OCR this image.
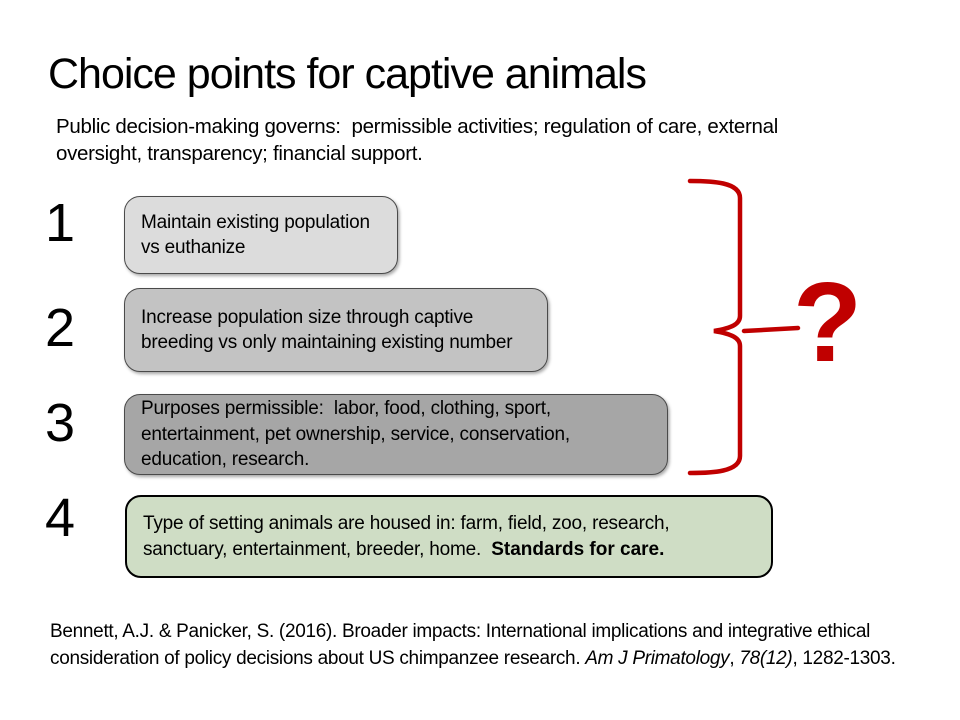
Choice points for captive animals
Public decision-making governs:  permissible activities; regulation of care, external
oversight, transparency; financial support.
1
2
3
4
Maintain existing population
vs euthanize
Increase population size through captive
breeding vs only maintaining existing number
Purposes permissible:  labor, food, clothing, sport,
entertainment, pet ownership, service, conservation,
education, research.
Type of setting animals are housed in: farm, field, zoo, research,
sanctuary, entertainment, breeder, home.  Standards for care.
?
Bennett, A.J. & Panicker, S. (2016). Broader impacts: International implications and integrative ethical
consideration of policy decisions about US chimpanzee research. Am J Primatology, 78(12), 1282-1303.
